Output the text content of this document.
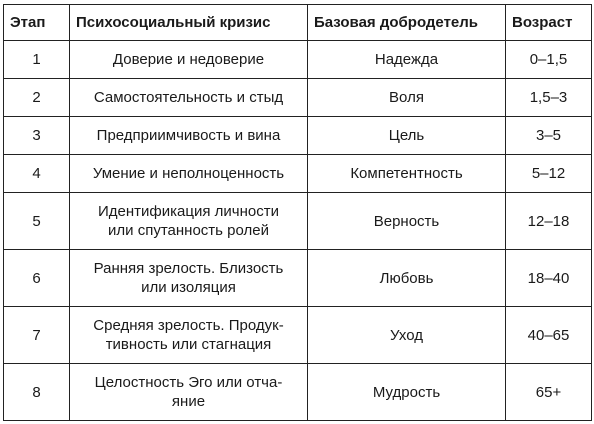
Этап	Психосоциальный кризис	Базовая добродетель	Возраст
1	Доверие и недоверие	Надежда	0–1,5
2	Самостоятельность и стыд	Воля	1,5–3
3	Предприимчивость и вина	Цель	3–5
4	Умение и неполноценность	Компетентность	5–12
5	Идентификация личности
или спутанность ролей	Верность	12–18
6	Ранняя зрелость. Близость
или изоляция	Любовь	18–40
7	Средняя зрелость. Продук-
тивность или стагнация	Уход	40–65
8	Целостность Эго или отча-
яние	Мудрость	65+
